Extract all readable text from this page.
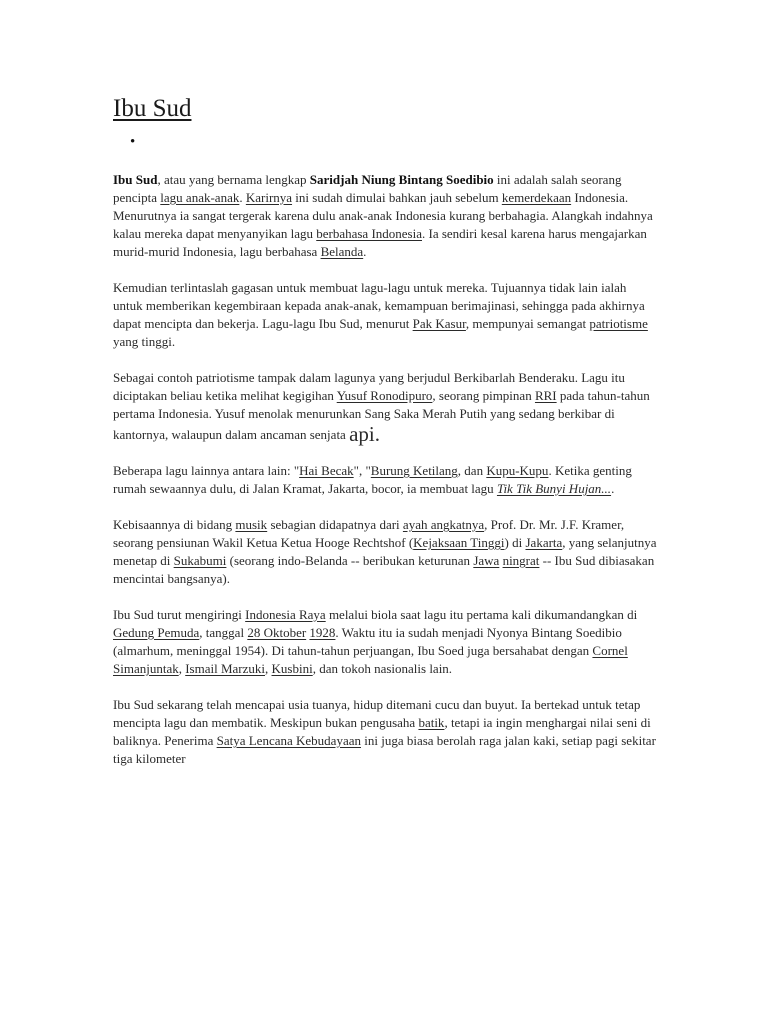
Ibu Sud
•

Ibu Sud, atau yang bernama lengkap Saridjah Niung Bintang Soedibio ini adalah salah seorang pencipta lagu anak-anak. Karirnya ini sudah dimulai bahkan jauh sebelum kemerdekaan Indonesia. Menurutnya ia sangat tergerak karena dulu anak-anak Indonesia kurang berbahagia. Alangkah indahnya kalau mereka dapat menyanyikan lagu berbahasa Indonesia. Ia sendiri kesal karena harus mengajarkan murid-murid Indonesia, lagu berbahasa Belanda.

Kemudian terlintaslah gagasan untuk membuat lagu-lagu untuk mereka. Tujuannya tidak lain ialah untuk memberikan kegembiraan kepada anak-anak, kemampuan berimajinasi, sehingga pada akhirnya dapat mencipta dan bekerja. Lagu-lagu Ibu Sud, menurut Pak Kasur, mempunyai semangat patriotisme yang tinggi.

Sebagai contoh patriotisme tampak dalam lagunya yang berjudul Berkibarlah Benderaku. Lagu itu diciptakan beliau ketika melihat kegigihan Yusuf Ronodipuro, seorang pimpinan RRI pada tahun-tahun pertama Indonesia. Yusuf menolak menurunkan Sang Saka Merah Putih yang sedang berkibar di kantornya, walaupun dalam ancaman senjata api.

Beberapa lagu lainnya antara lain: "Hai Becak", "Burung Ketilang, dan Kupu-Kupu. Ketika genting rumah sewaannya dulu, di Jalan Kramat, Jakarta, bocor, ia membuat lagu Tik Tik Bunyi Hujan....

Kebisaannya di bidang musik sebagian didapatnya dari ayah angkatnya, Prof. Dr. Mr. J.F. Kramer, seorang pensiunan Wakil Ketua Ketua Hooge Rechtshof (Kejaksaan Tinggi) di Jakarta, yang selanjutnya menetap di Sukabumi (seorang indo-Belanda -- beribukan keturunan Jawa ningrat -- Ibu Sud dibiasakan mencintai bangsanya).

Ibu Sud turut mengiringi Indonesia Raya melalui biola saat lagu itu pertama kali dikumandangkan di Gedung Pemuda, tanggal 28 Oktober 1928. Waktu itu ia sudah menjadi Nyonya Bintang Soedibio (almarhum, meninggal 1954). Di tahun-tahun perjuangan, Ibu Soed juga bersahabat dengan Cornel Simanjuntak, Ismail Marzuki, Kusbini, dan tokoh nasionalis lain.

Ibu Sud sekarang telah mencapai usia tuanya, hidup ditemani cucu dan buyut. Ia bertekad untuk tetap mencipta lagu dan membatik. Meskipun bukan pengusaha batik, tetapi ia ingin menghargai nilai seni di baliknya. Penerima Satya Lencana Kebudayaan ini juga biasa berolah raga jalan kaki, setiap pagi sekitar tiga kilometer
